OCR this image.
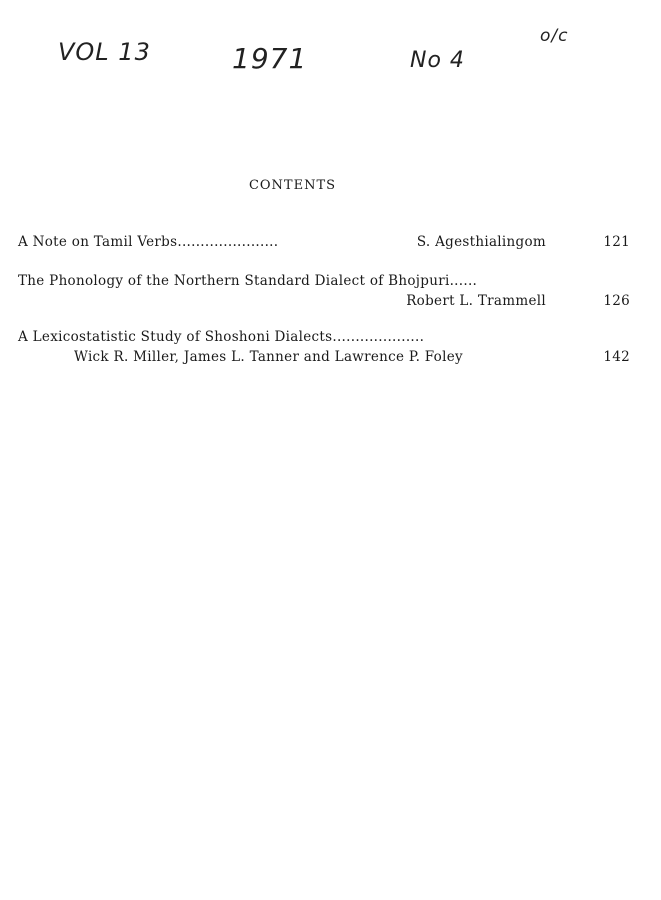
VOL 13	1971	No 4
o/c
CONTENTS
A Note on Tamil Verbs......................	S. Agesthialingom	121
The Phonology of the Northern Standard Dialect of Bhojpuri......
Robert L. Trammell	126
A Lexicostatistic Study of Shoshoni Dialects....................
Wick R. Miller, James L. Tanner and Lawrence P. Foley	142
